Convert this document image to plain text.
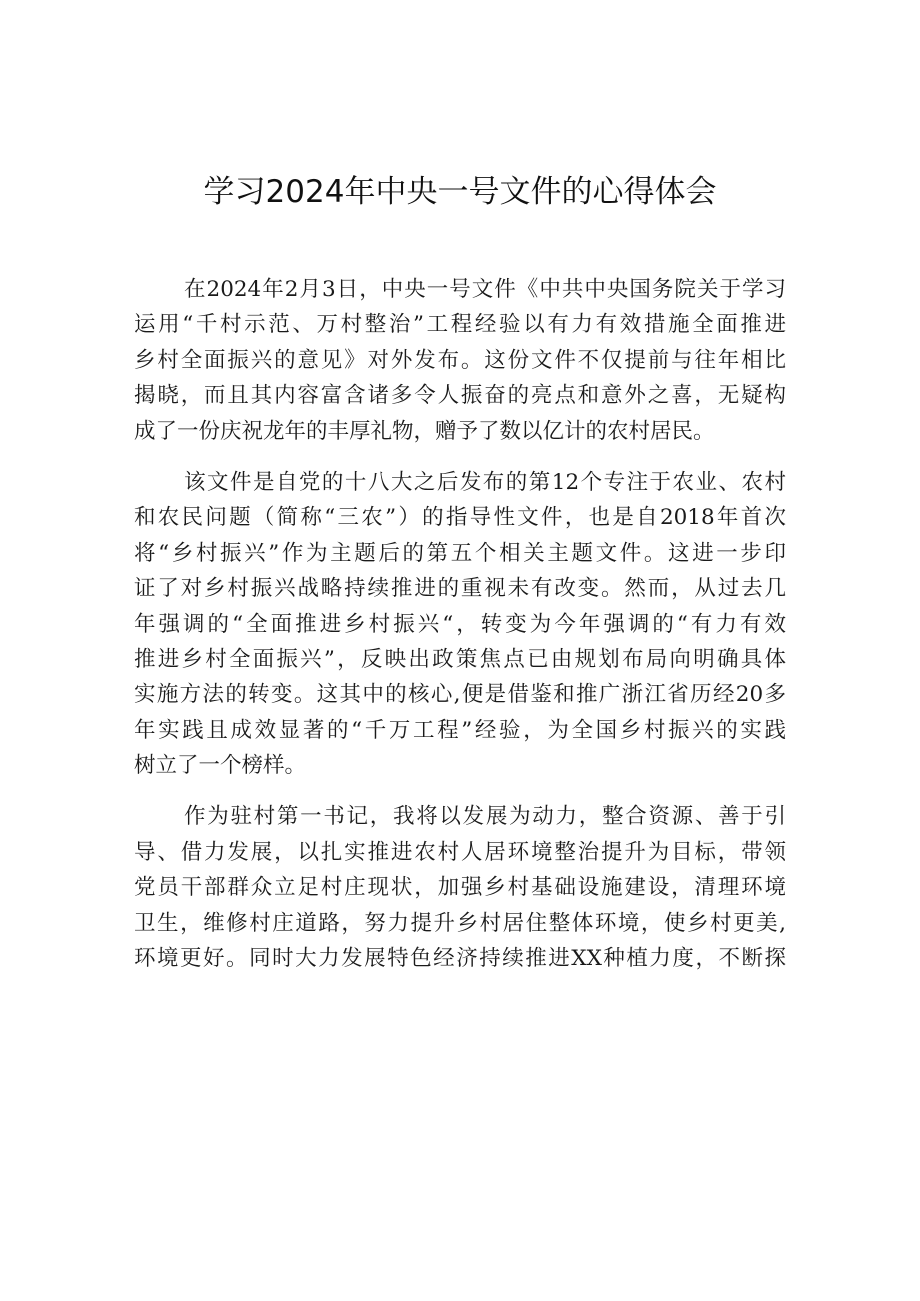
学习2024年中央一号文件的心得体会
在2024年2月3日，中央一号文件《中共中央国务院关于学习
运用“千村示范、万村整治”工程经验以有力有效措施全面推进
乡村全面振兴的意见》对外发布。这份文件不仅提前与往年相比
揭晓，而且其内容富含诸多令人振奋的亮点和意外之喜，无疑构
成了一份庆祝龙年的丰厚礼物，赠予了数以亿计的农村居民。
该文件是自党的十八大之后发布的第12个专注于农业、农村
和农民问题（简称“三农”）的指导性文件，也是自2018年首次
将“乡村振兴”作为主题后的第五个相关主题文件。这进一步印
证了对乡村振兴战略持续推进的重视未有改变。然而，从过去几
年强调的“全面推进乡村振兴“，转变为今年强调的“有力有效
推进乡村全面振兴”，反映出政策焦点已由规划布局向明确具体
实施方法的转变。这其中的核心,便是借鉴和推广浙江省历经20多
年实践且成效显著的“千万工程”经验，为全国乡村振兴的实践
树立了一个榜样。
作为驻村第一书记，我将以发展为动力，整合资源、善于引
导、借力发展，以扎实推进农村人居环境整治提升为目标，带领
党员干部群众立足村庄现状，加强乡村基础设施建设，清理环境
卫生，维修村庄道路，努力提升乡村居住整体环境，使乡村更美,
环境更好。同时大力发展特色经济持续推进XX种植力度，不断探
